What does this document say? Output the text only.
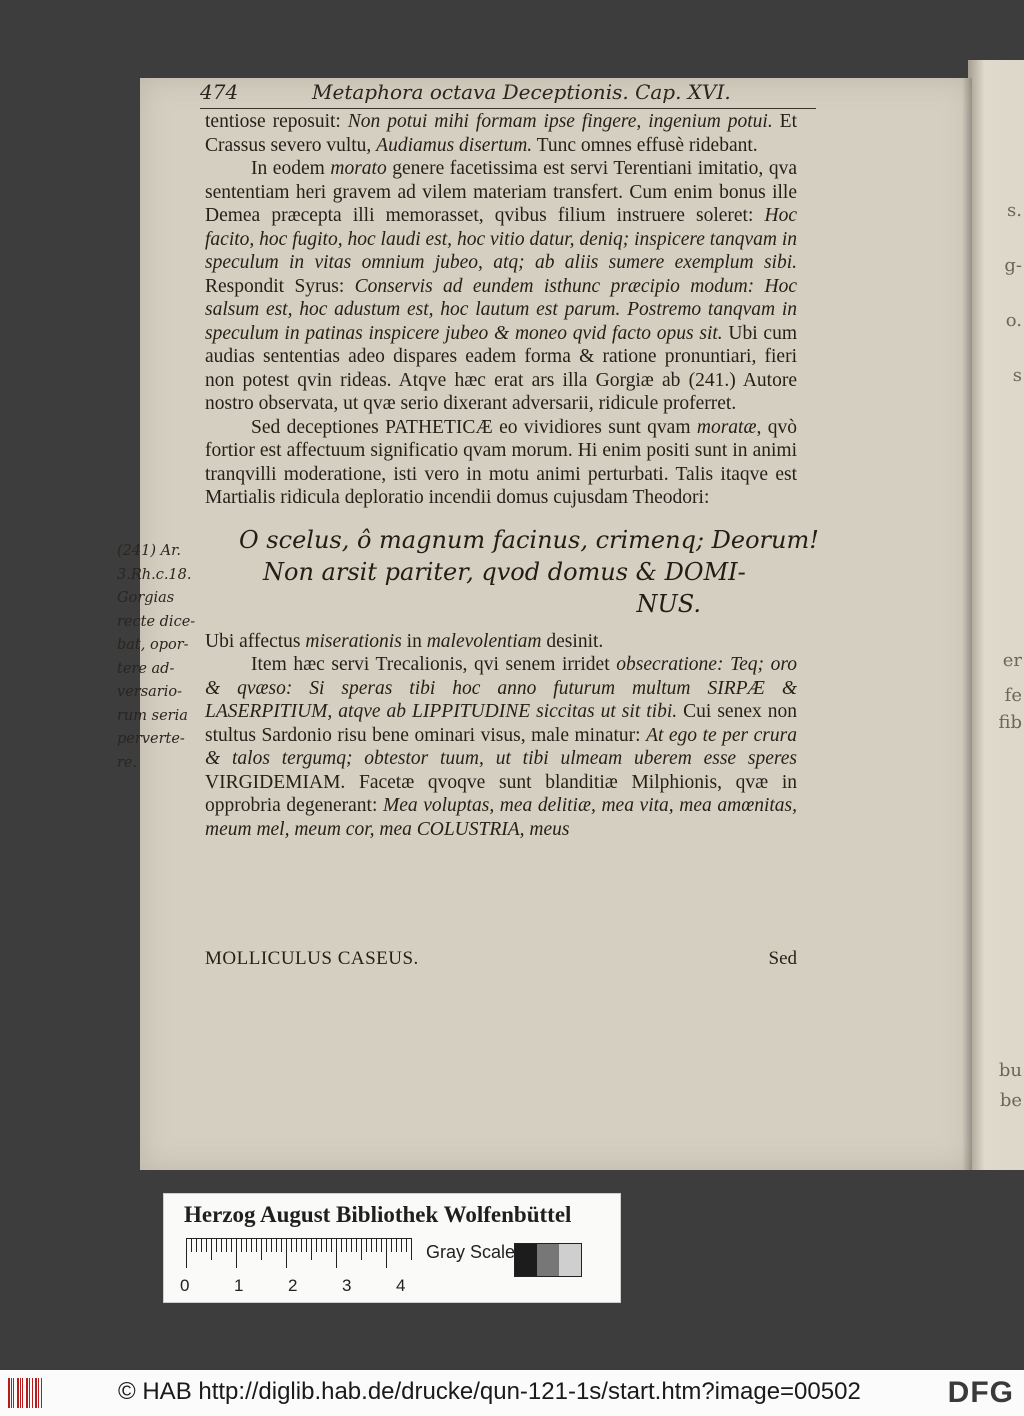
s.
g-
o.
s
er
fe
fib
bu
be
474	Metaphora octava Deceptionis. Cap. XVI.

tentiose reposuit: Non potui mihi formam ipse fingere, ingenium potui. Et Crassus severo vultu, Audiamus disertum. Tunc omnes effusè ridebant.

In eodem morato genere facetissima est servi Terentiani imitatio, qva sententiam heri gravem ad vilem materiam transfert. Cum enim bonus ille Demea præcepta illi memorasset, qvibus filium instruere soleret: Hoc facito, hoc fugito, hoc laudi est, hoc vitio datur, deniq; inspicere tanqvam in speculum in vitas omnium jubeo, atq; ab aliis sumere exemplum sibi. Respondit Syrus: Conservis ad eundem isthunc præcipio modum: Hoc salsum est, hoc adustum est, hoc lautum est parum. Postremo tanqvam in speculum in patinas inspicere jubeo & moneo qvid facto opus sit. Ubi cum audias sententias adeo dispares eadem forma & ratione pronuntiari, fieri non potest qvin rideas. Atqve hæc erat ars illa Gorgiæ ab (241.) Autore nostro observata, ut qvæ serio dixerant adversarii, ridicule proferret.

Sed deceptiones PATHETICÆ eo vividiores sunt qvam moratæ, qvò fortior est affectuum significatio qvam morum. Hi enim positi sunt in animi tranqvilli moderatione, isti vero in motu animi perturbati. Talis itaqve est Martialis ridicula deploratio incendii domus cujusdam Theodori:

O scelus, ô magnum facinus, crimenq; Deorum!
Non arsit pariter, qvod domus & DOMI-
NUS.

Ubi affectus miserationis in malevolentiam desinit.

Item hæc servi Trecalionis, qvi senem irridet obsecratione: Teq; oro & qvæso: Si speras tibi hoc anno futurum multum SIRPÆ & LASERPITIUM, atqve ab LIPPITUDINE siccitas ut sit tibi. Cui senex non stultus Sardonio risu bene ominari visus, male minatur: At ego te per crura & talos tergumq; obtestor tuum, ut tibi ulmeam uberem esse speres VIRGIDEMIAM. Facetæ qvoqve sunt blanditiæ Milphionis, qvæ in opprobria degenerant: Mea voluptas, mea delitiæ, mea vita, mea amœnitas, meum mel, meum cor, mea COLUSTRIA, meus

(241) Ar.
3.Rh.c.18.
Gorgias
recte dice-
bat, opor-
tere ad-
versario-
rum seria
perverte-
re.
MOLLICULUS CASEUS.	Sed
Herzog August Bibliothek Wolfenbüttel
0	1	2	3	4
Gray Scale
© HAB http://diglib.hab.de/drucke/qun-121-1s/start.htm?image=00502	DFG
